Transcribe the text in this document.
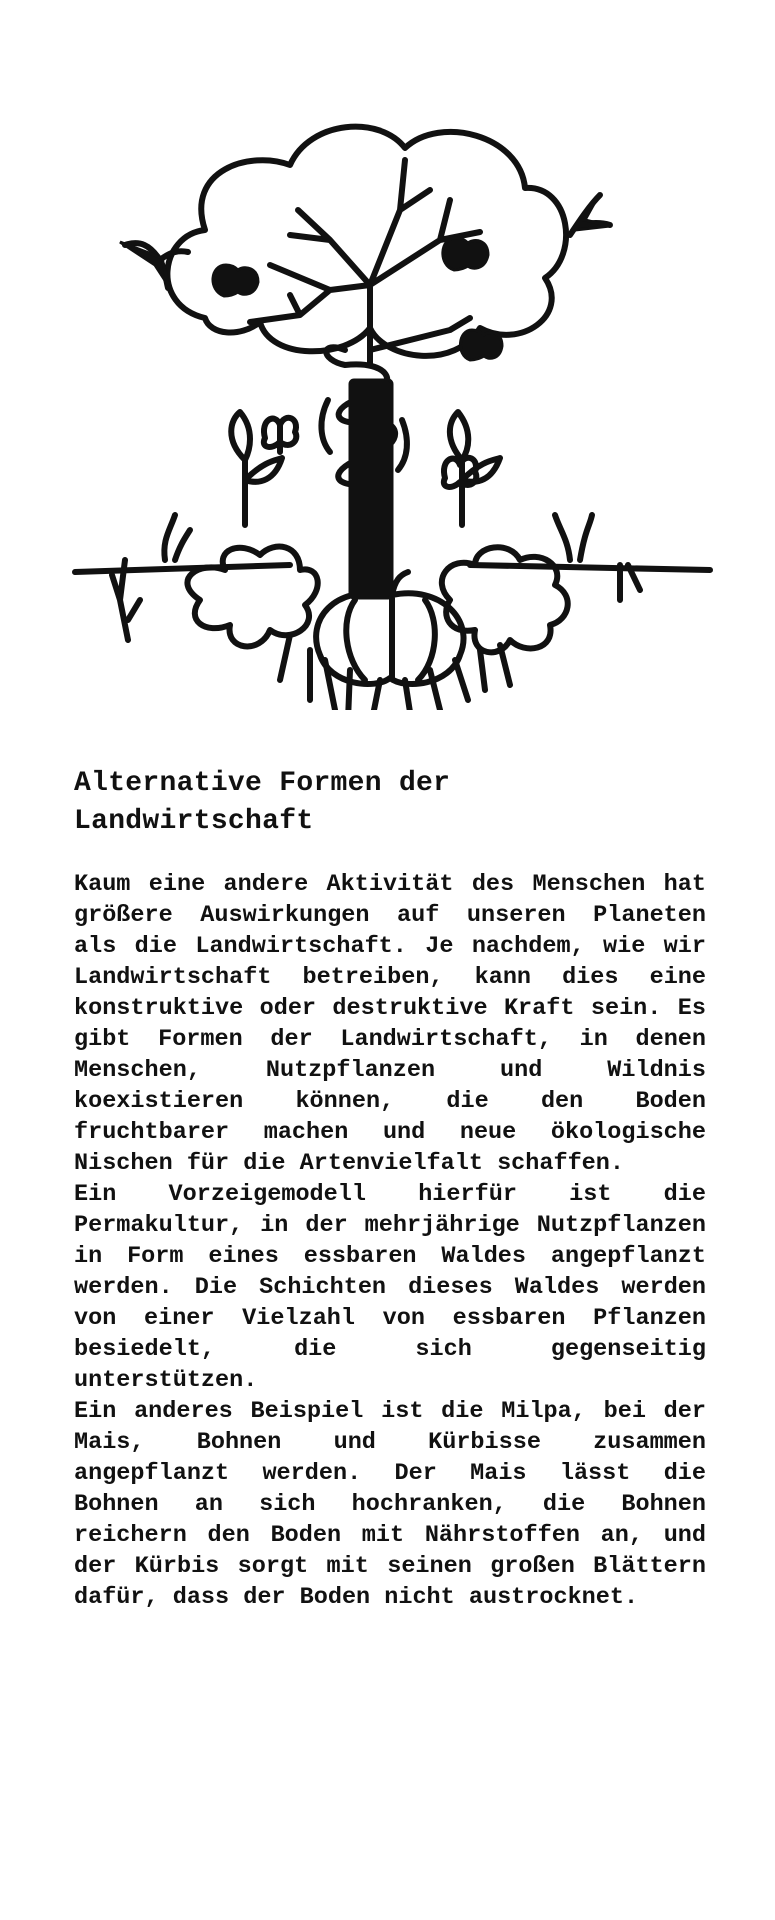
Alternative Formen der Landwirtschaft

Kaum eine andere Aktivität des Menschen hat größere Auswirkungen auf unseren Planeten als die Landwirtschaft. Je nachdem, wie wir Landwirtschaft betreiben, kann dies eine konstruktive oder destruktive Kraft sein. Es gibt Formen der Landwirtschaft, in denen Menschen, Nutzpflanzen und Wildnis koexistieren können, die den Boden fruchtbarer machen und neue ökologische Nischen für die Artenvielfalt schaffen.

Ein Vorzeigemodell hierfür ist die Permakultur, in der mehrjährige Nutzpflanzen in Form eines essbaren Waldes angepflanzt werden. Die Schichten dieses Waldes werden von einer Vielzahl von essbaren Pflanzen besiedelt, die sich gegenseitig unterstützen.

Ein anderes Beispiel ist die Milpa, bei der Mais, Bohnen und Kürbisse zusammen angepflanzt werden. Der Mais lässt die Bohnen an sich hochranken, die Bohnen reichern den Boden mit Nährstoffen an, und der Kürbis sorgt mit seinen großen Blättern dafür, dass der Boden nicht austrocknet.
